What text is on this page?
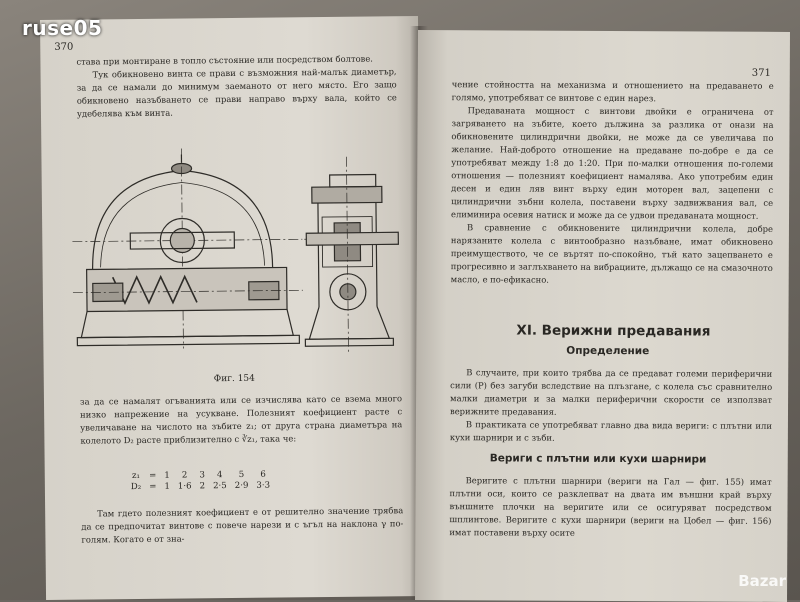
370

става при монтиране в топло състояние или посредством болтове.

Тук обикновено винта се прави с възможния най-малък диаметър, за да се намали до минимум заеманото от него място. Его защо обикновено назъбването се прави направо върху вала, който се удебелява към винта.

Фиг. 154

за да се намалят огъванията или се изчислява като се взема много низко напрежение на усукване. Полезният коефициент расте с увеличаване на числото на зъбите z₁; от друга страна диаметъра на колелото D₂ расте приблизително с ∛z₁, така че:

z₁	=	1	2	3	4	5	6
D₂	=	1	1·6	2	2·5	2·9	3·3

Там гдето полезният коефициент е от решително значение трябва да се предпочитат винтове с повече нарези и с ъгъл на наклона γ по-голям. Когато е от зна-

371

чение стойността на механизма и отношението на предаването е голямо, употребяват се винтове с един нарез.

Предаваната мощност с винтови двойки е ограничена от загряването на зъбите, което дължина за разлика от онази на обикновените цилиндрични двойки, не може да се увеличава по желание. Най-доброто отношение на предаване по-добре е да се употребяват между 1:8 до 1:20. При по-малки отношения по-големи отношения — полезният коефициент намалява. Ако употребим един десен и един ляв винт върху един моторен вал, зацепени с цилиндрични зъбни колела, поставени върху задвижвания вал, се елиминира осевия натиск и може да се удвои предаваната мощност.

В сравнение с обикновените цилиндрични колела, добре нарязаните колела с винтообразно назъбване, имат обикновено преимуществото, че се въртят по-спокойно, тъй като зацепването е прогресивно и заглъхването на вибрациите, дължащо се на смазочното масло, е по-ефикасно.

XI. Верижни предавания
Определение

В случаите, при които трябва да се предават големи периферични сили (P) без загуби вследствие на плъзгане, с колела със сравнително малки диаметри и за малки периферични скорости се използват верижните предавания.

В практиката се употребяват главно два вида вериги: с плътни или кухи шарнири и с зъби.

Вериги с плътни или кухи шарнири

Веригите с плътни шарнири (вериги на Гал — фиг. 155) имат плътни оси, които се разклепват на двата им външни край върху външните плочки на веригите или се осигуряват посредством шплинтове. Веригите с кухи шарнири (вериги на Цобел — фиг. 156) имат поставени върху осите

ruse05
Bazar
